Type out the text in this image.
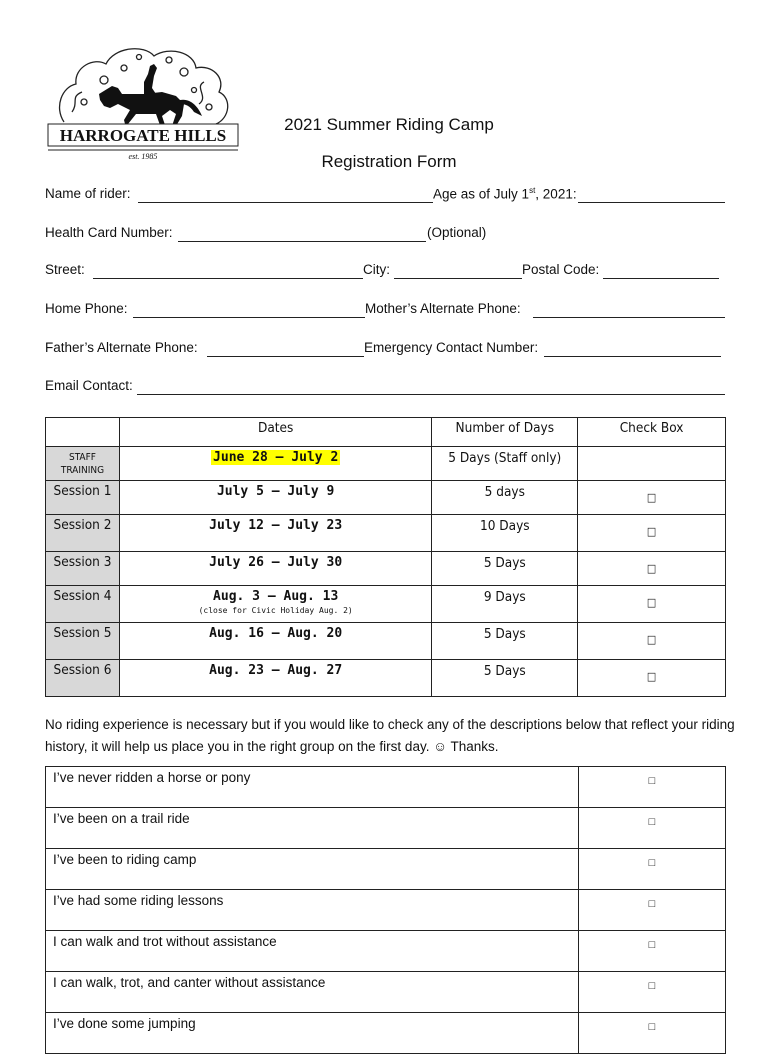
HARROGATE HILLS
est. 1985
2021 Summer Riding Camp
Registration Form
Name of rider:	Age as of July 1st, 2021:
Health Card Number:	(Optional)
Street:	City:	Postal Code:
Home Phone:	Mother’s Alternate Phone:
Father’s Alternate Phone:	Emergency Contact Number:
Email Contact:
	Dates	Number of Days	Check Box

STAFF
TRAINING	June 28 – July 2	5 Days (Staff only)	
Session 1	July 5 – July 9	5 days	□
Session 2	July 12 – July 23	10 Days	□
Session 3	July 26 – July 30	5 Days	□
Session 4	Aug. 3 – Aug. 13
(close for Civic Holiday Aug. 2)	9 Days	□
Session 5	Aug. 16 – Aug. 20	5 Days	□
Session 6	Aug. 23 – Aug. 27	5 Days	□
No riding experience is necessary but if you would like to check any of the descriptions below that reflect your riding history, it will help us place you in the right group on the first day. ☺ Thanks.
I’ve never ridden a horse or pony	□
I’ve been on a trail ride	□
I’ve been to riding camp	□
I’ve had some riding lessons	□
I can walk and trot without assistance	□
I can walk, trot, and canter without assistance	□
I’ve done some jumping	□
